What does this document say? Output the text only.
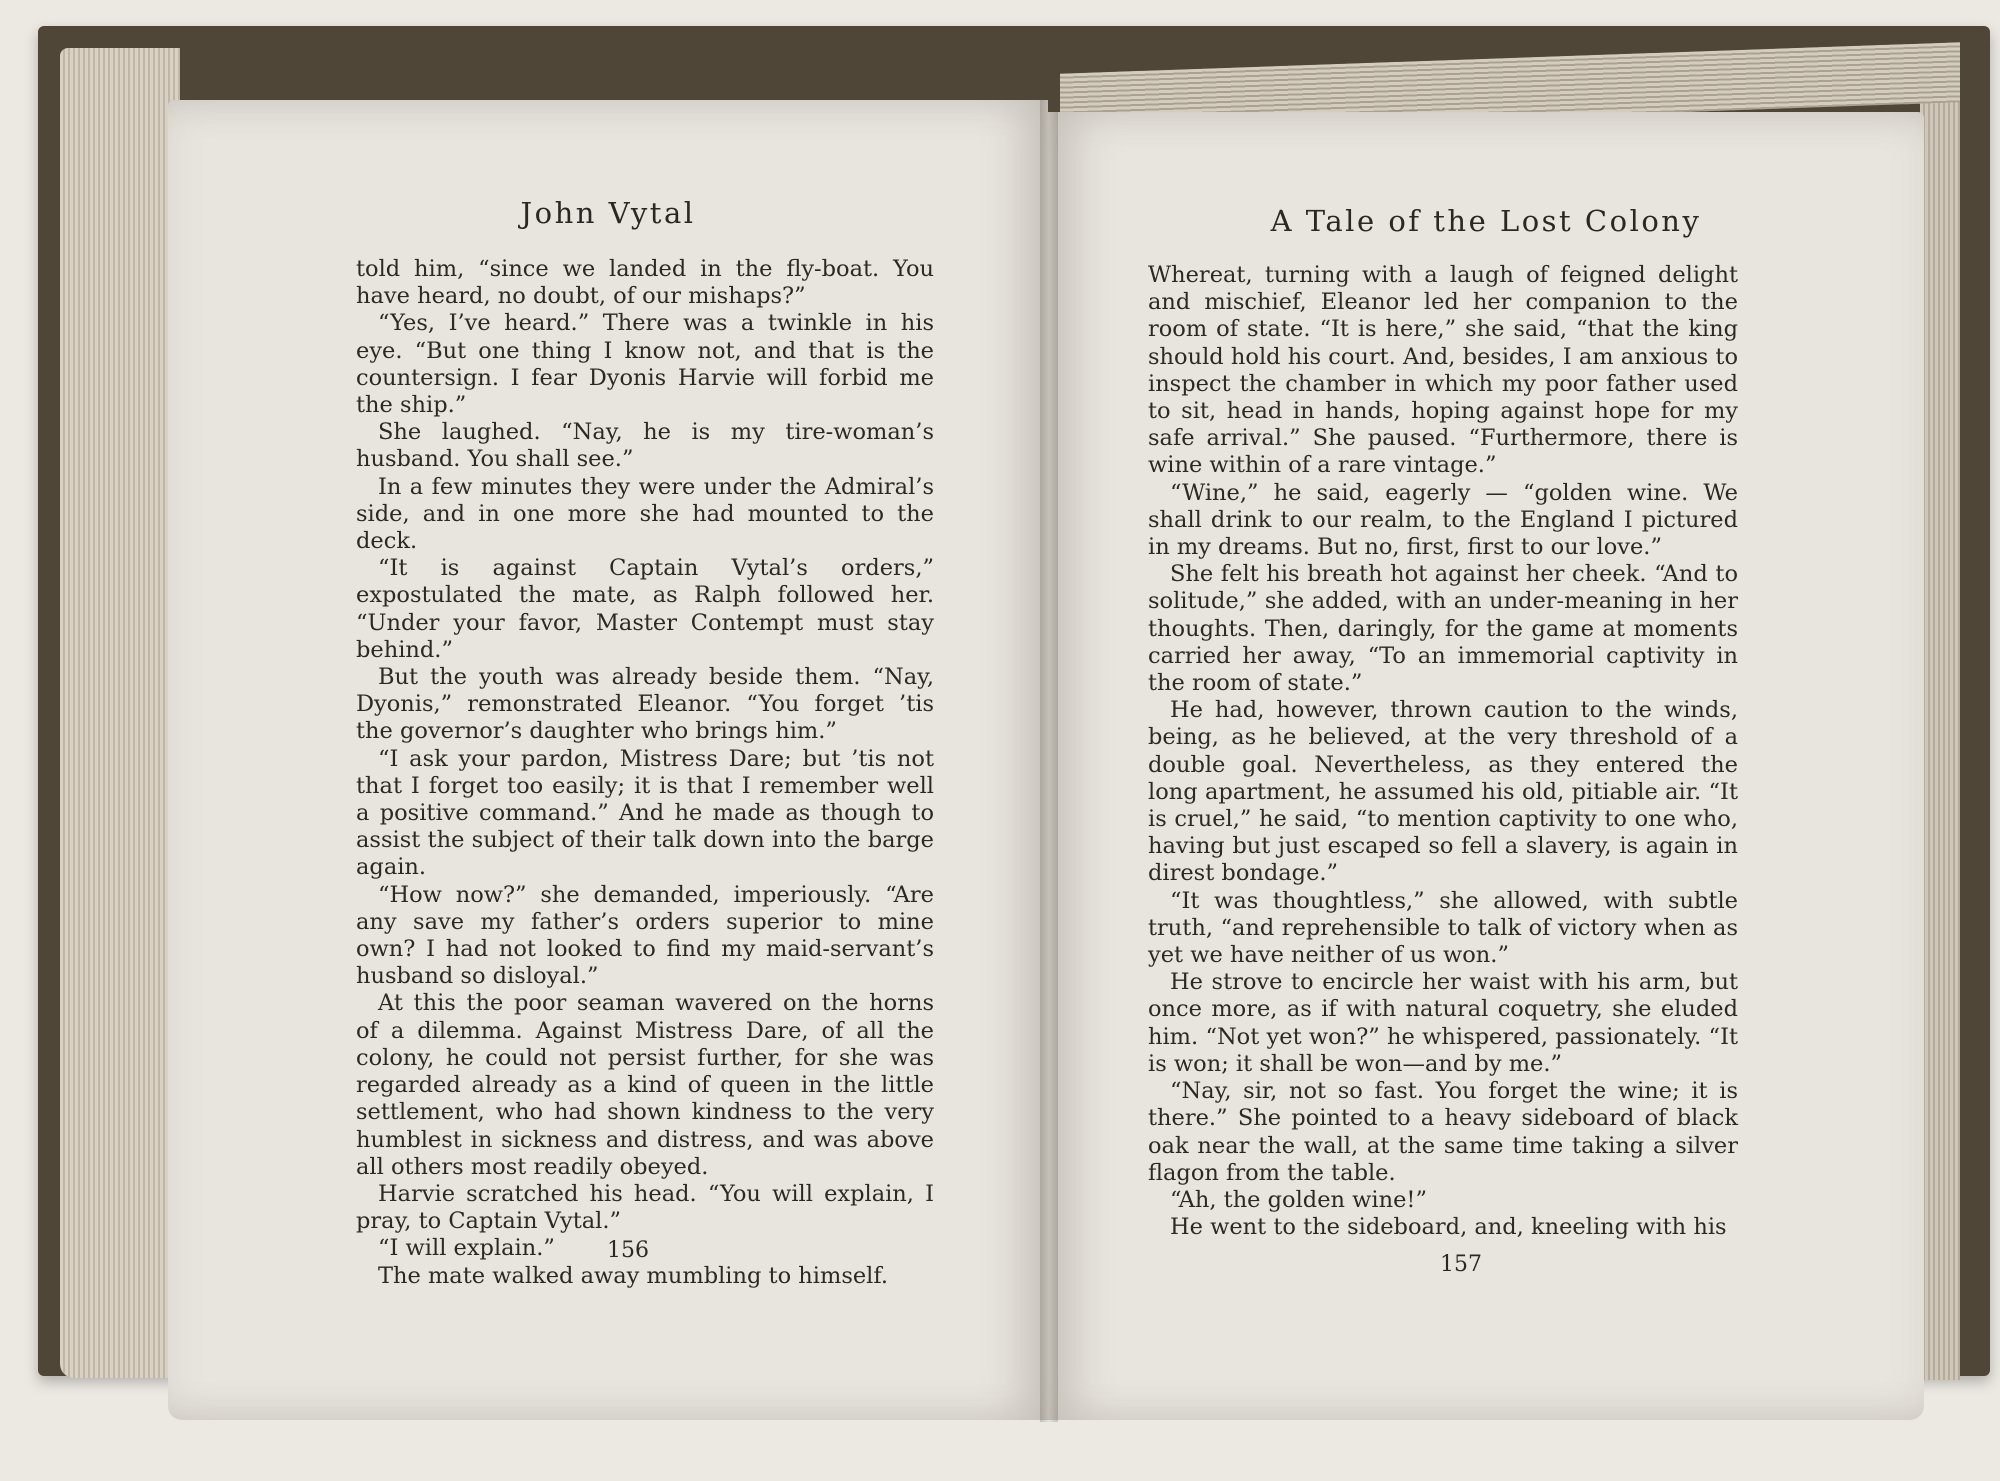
John Vytal

told him, “since we landed in the fly-boat. You have heard, no doubt, of our mishaps?”

“Yes, I’ve heard.” There was a twinkle in his eye. “But one thing I know not, and that is the countersign. I fear Dyonis Harvie will forbid me the ship.”

She laughed. “Nay, he is my tire-woman’s husband. You shall see.”

In a few minutes they were under the Admiral’s side, and in one more she had mounted to the deck.

“It is against Captain Vytal’s orders,” expostulated the mate, as Ralph followed her. “Under your favor, Master Contempt must stay behind.”

But the youth was already beside them. “Nay, Dyonis,” remonstrated Eleanor. “You forget ’tis the governor’s daughter who brings him.”

“I ask your pardon, Mistress Dare; but ’tis not that I forget too easily; it is that I remember well a positive command.” And he made as though to assist the subject of their talk down into the barge again.

“How now?” she demanded, imperiously. “Are any save my father’s orders superior to mine own? I had not looked to find my maid-servant’s husband so disloyal.”

At this the poor seaman wavered on the horns of a dilemma. Against Mistress Dare, of all the colony, he could not persist further, for she was regarded already as a kind of queen in the little settlement, who had shown kindness to the very humblest in sickness and distress, and was above all others most readily obeyed.

Harvie scratched his head. “You will explain, I pray, to Captain Vytal.”

“I will explain.”

The mate walked away mumbling to himself.

156
A Tale of the Lost Colony

Whereat, turning with a laugh of feigned delight and mischief, Eleanor led her companion to the room of state. “It is here,” she said, “that the king should hold his court. And, besides, I am anxious to inspect the chamber in which my poor father used to sit, head in hands, hoping against hope for my safe arrival.” She paused. “Furthermore, there is wine within of a rare vintage.”

“Wine,” he said, eagerly — “golden wine. We shall drink to our realm, to the England I pictured in my dreams. But no, first, first to our love.”

She felt his breath hot against her cheek. “And to solitude,” she added, with an under-meaning in her thoughts. Then, daringly, for the game at moments carried her away, “To an immemorial captivity in the room of state.”

He had, however, thrown caution to the winds, being, as he believed, at the very threshold of a double goal. Nevertheless, as they entered the long apartment, he assumed his old, pitiable air. “It is cruel,” he said, “to mention captivity to one who, having but just escaped so fell a slavery, is again in direst bondage.”

“It was thoughtless,” she allowed, with subtle truth, “and reprehensible to talk of victory when as yet we have neither of us won.”

He strove to encircle her waist with his arm, but once more, as if with natural coquetry, she eluded him. “Not yet won?” he whispered, passionately. “It is won; it shall be won—and by me.”

“Nay, sir, not so fast. You forget the wine; it is there.” She pointed to a heavy sideboard of black oak near the wall, at the same time taking a silver flagon from the table.

“Ah, the golden wine!”

He went to the sideboard, and, kneeling with his

157
